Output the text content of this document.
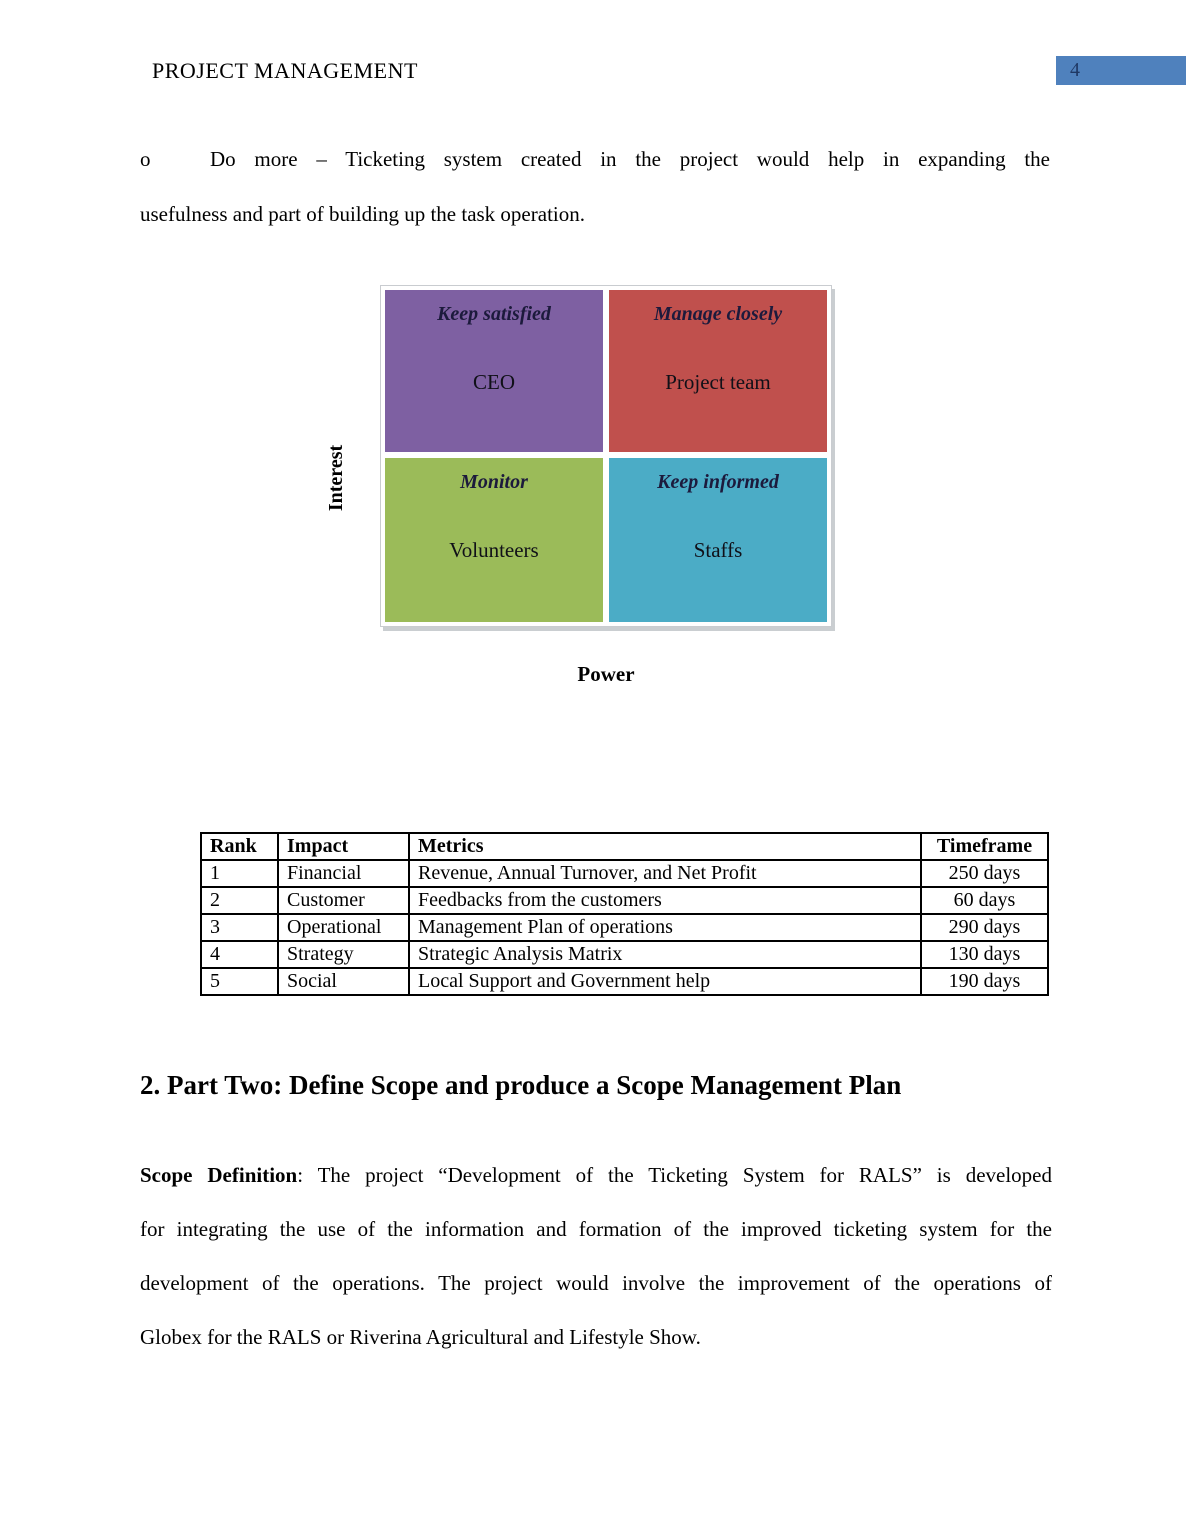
PROJECT MANAGEMENT	4
o	Do more – Ticketing system created in the project would help in expanding the
usefulness and part of building up the task operation.
Interest
Keep satisfied
CEO
Manage closely
Project team
Monitor
Volunteers
Keep informed
Staffs
Power
Rank	Impact	Metrics	Timeframe
1	Financial	Revenue, Annual Turnover, and Net Profit	250 days
2	Customer	Feedbacks from the customers	60 days
3	Operational	Management Plan of operations	290 days
4	Strategy	Strategic Analysis Matrix	130 days
5	Social	Local Support and Government help	190 days
2. Part Two: Define Scope and produce a Scope Management Plan
Scope Definition: The project “Development of the Ticketing System for RALS” is developed
for integrating the use of the information and formation of the improved ticketing system for the
development of the operations. The project would involve the improvement of the operations of
Globex for the RALS or Riverina Agricultural and Lifestyle Show.
